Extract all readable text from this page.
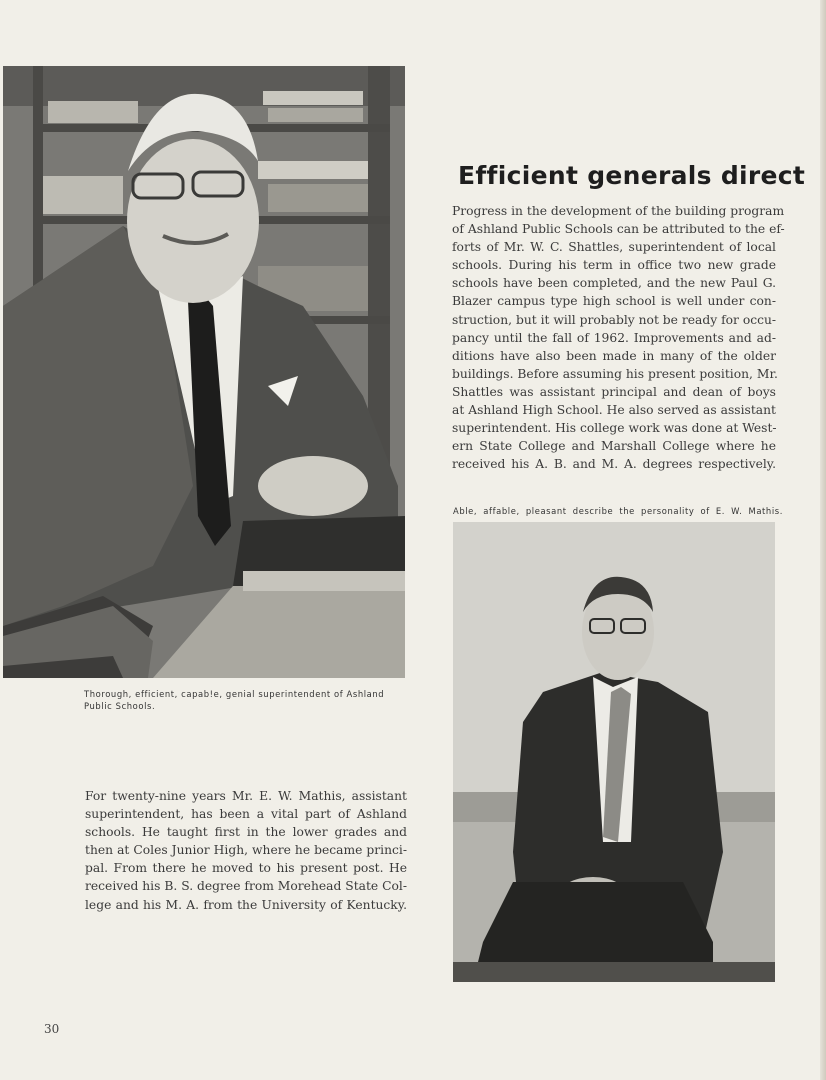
Thorough, efficient, capab!e, genial superintendent of Ashland Public Schools.
Efficient generals direct
Progress in the development of the building program
of Ashland Public Schools can be attributed to the ef-
forts of Mr. W. C. Shattles, superintendent of local
schools. During his term in office two new grade
schools have been completed, and the new Paul G.
Blazer campus type high school is well under con-
struction, but it will probably not be ready for occu-
pancy until the fall of 1962. Improvements and ad-
ditions have also been made in many of the older
buildings. Before assuming his present position, Mr.
Shattles was assistant principal and dean of boys
at Ashland High School. He also served as assistant
superintendent. His college work was done at West-
ern State College and Marshall College where he
received his A. B. and M. A. degrees respectively.
Able, affable, pleasant describe the personality of E. W. Mathis.
For twenty-nine years Mr. E. W. Mathis, assistant
superintendent, has been a vital part of Ashland
schools. He taught first in the lower grades and
then at Coles Junior High, where he became princi-
pal. From there he moved to his present post. He
received his B. S. degree from Morehead State Col-
lege and his M. A. from the University of Kentucky.
30
